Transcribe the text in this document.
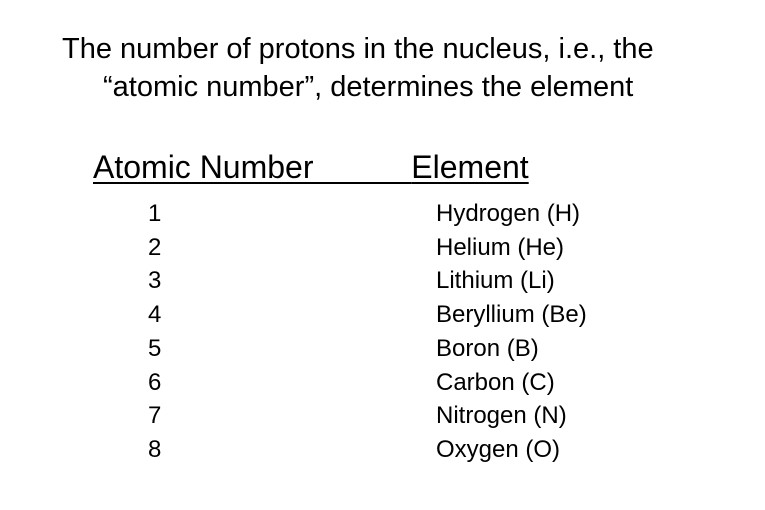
The number of protons in the nucleus, i.e., the
“atomic number”, determines the element
Atomic Number	Element
1
2
3
4
5
6
7
8
Hydrogen (H)
Helium (He)
Lithium (Li)
Beryllium (Be)
Boron (B)
Carbon (C)
Nitrogen (N)
Oxygen (O)
